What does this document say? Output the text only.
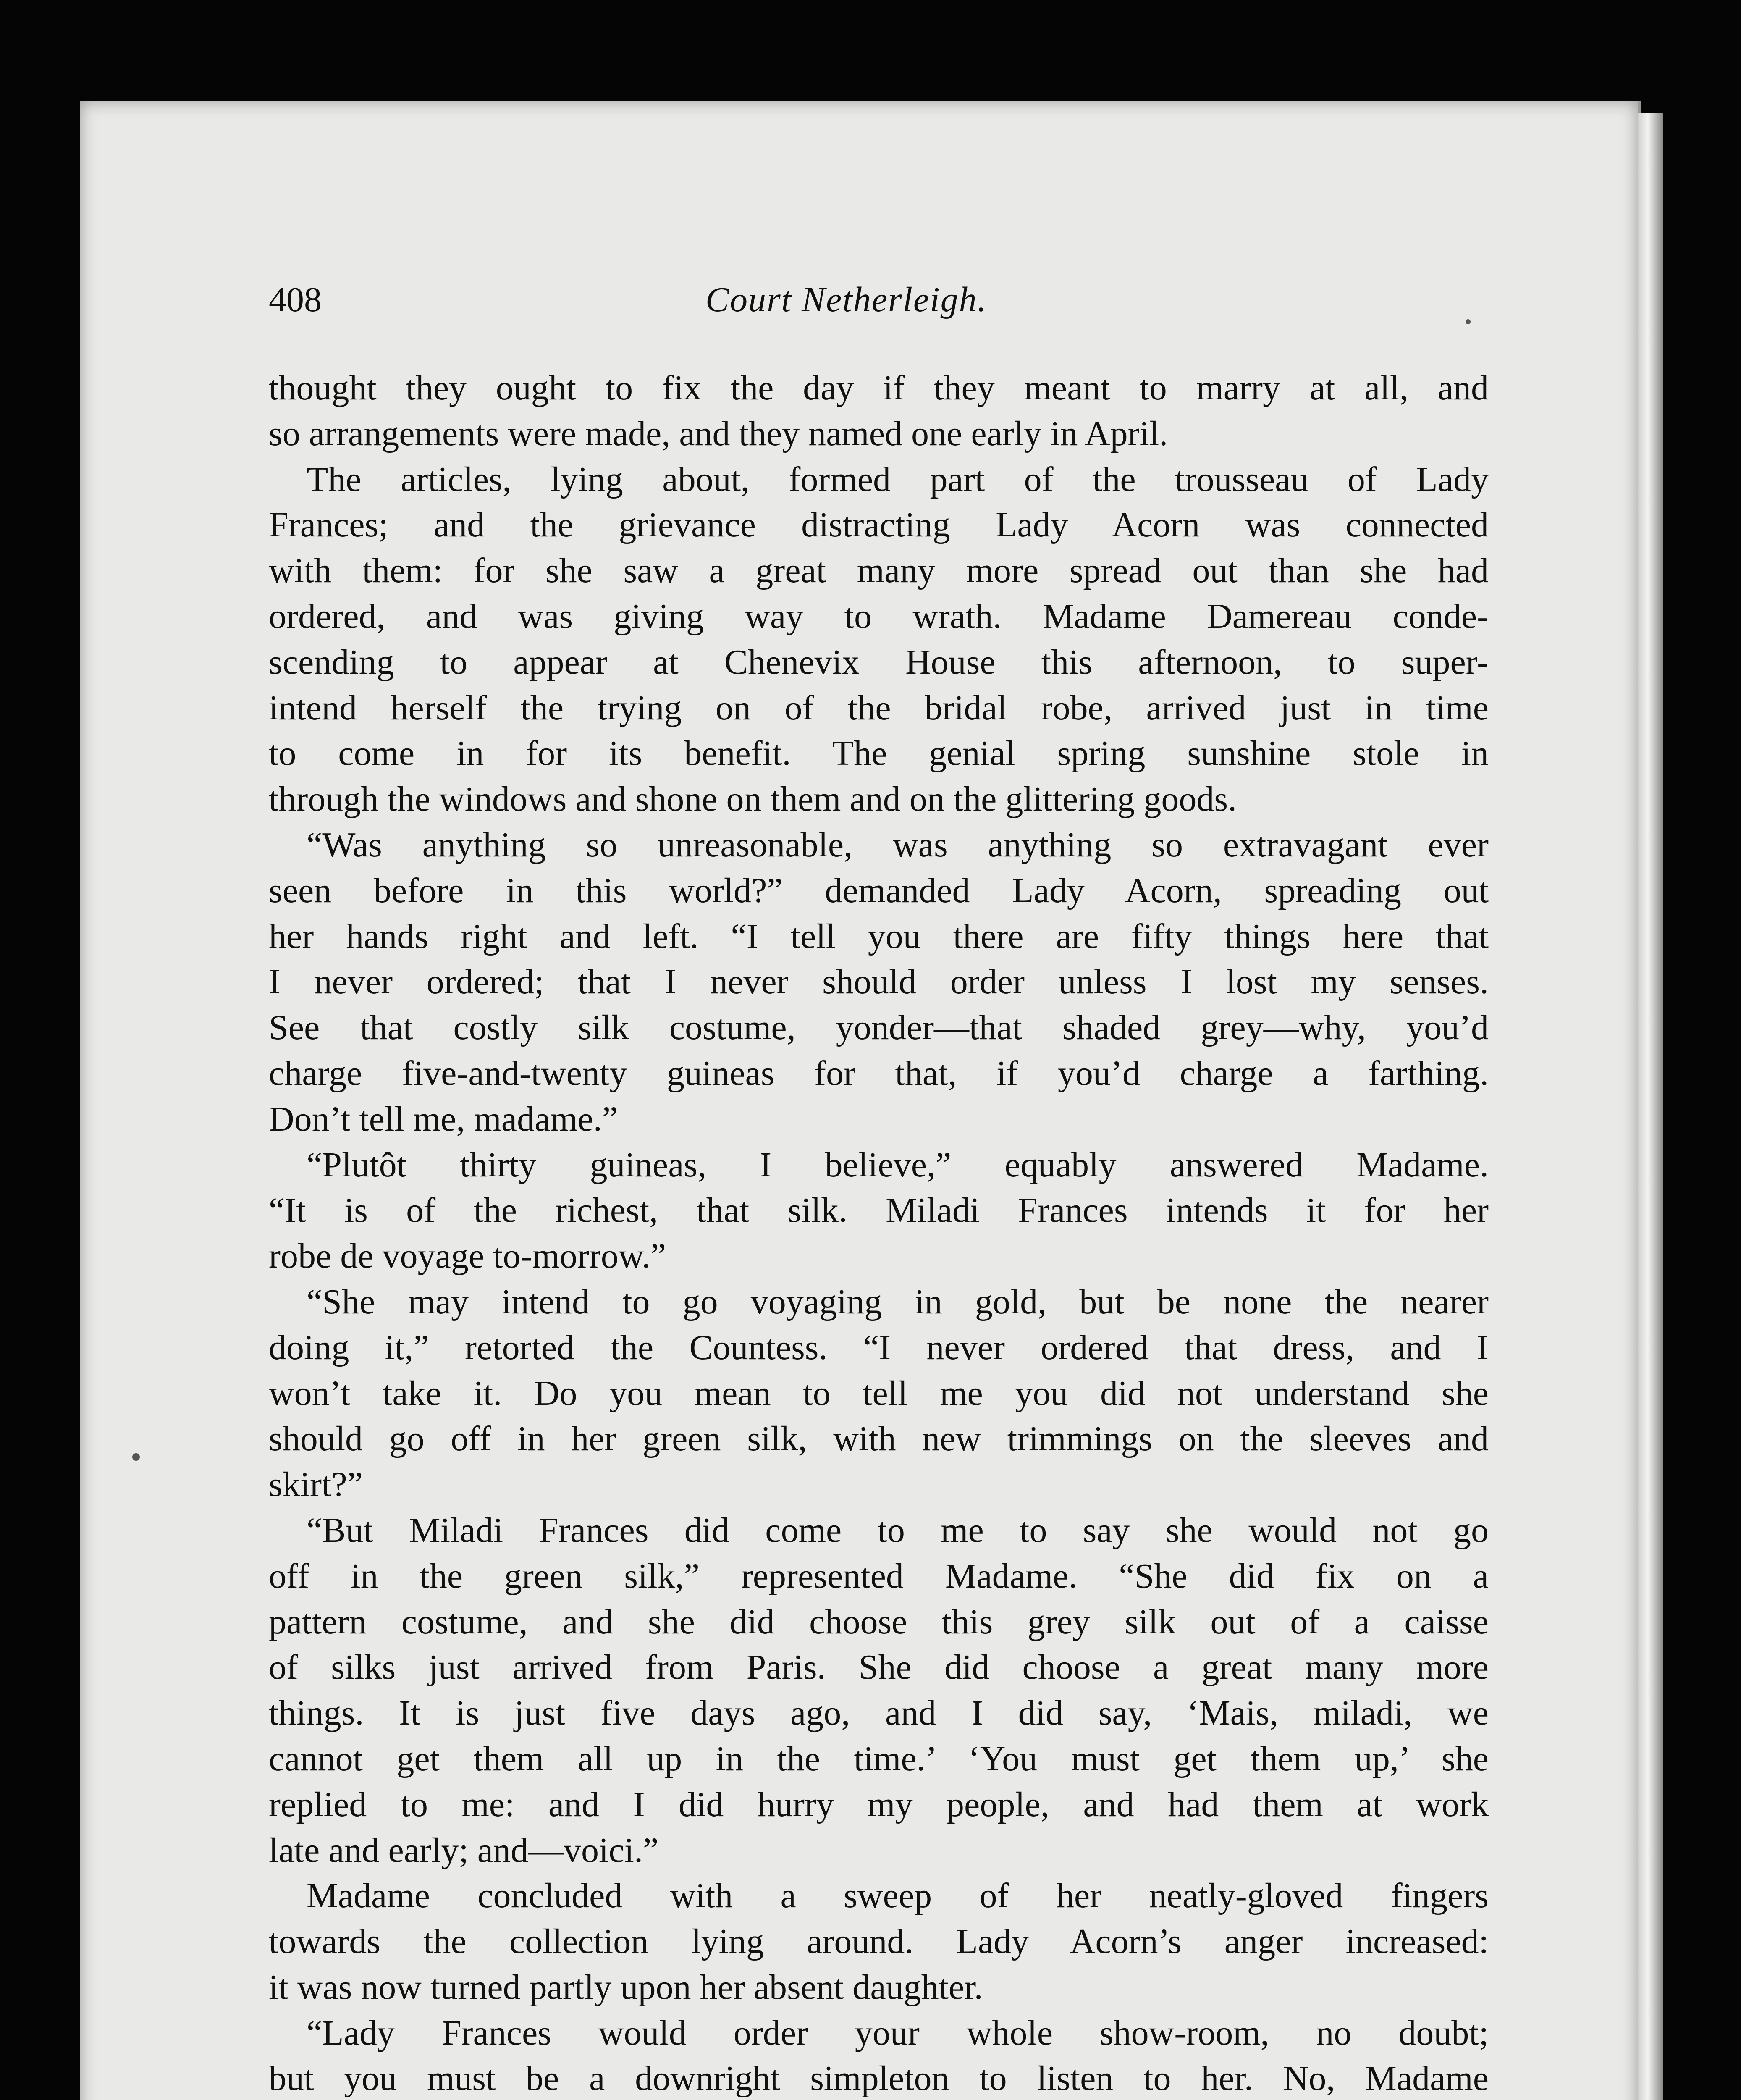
408	Court Netherleigh.
thought they ought to fix the day if they meant to marry at all, and
so arrangements were made, and they named one early in April.
The articles, lying about, formed part of the trousseau of Lady
Frances; and the grievance distracting Lady Acorn was connected
with them: for she saw a great many more spread out than she had
ordered, and was giving way to wrath. Madame Damereau conde-
scending to appear at Chenevix House this afternoon, to super-
intend herself the trying on of the bridal robe, arrived just in time
to come in for its benefit. The genial spring sunshine stole in
through the windows and shone on them and on the glittering goods.
“Was anything so unreasonable, was anything so extravagant ever
seen before in this world?” demanded Lady Acorn, spreading out
her hands right and left. “I tell you there are fifty things here that
I never ordered; that I never should order unless I lost my senses.
See that costly silk costume, yonder—that shaded grey—why, you’d
charge five-and-twenty guineas for that, if you’d charge a farthing.
Don’t tell me, madame.”
“Plutôt thirty guineas, I believe,” equably answered Madame.
“It is of the richest, that silk. Miladi Frances intends it for her
robe de voyage to-morrow.”
“She may intend to go voyaging in gold, but be none the nearer
doing it,” retorted the Countess. “I never ordered that dress, and I
won’t take it. Do you mean to tell me you did not understand she
should go off in her green silk, with new trimmings on the sleeves and
skirt?”
“But Miladi Frances did come to me to say she would not go
off in the green silk,” represented Madame. “She did fix on a
pattern costume, and she did choose this grey silk out of a caisse
of silks just arrived from Paris. She did choose a great many more
things. It is just five days ago, and I did say, ‘Mais, miladi, we
cannot get them all up in the time.’ ‘You must get them up,’ she
replied to me: and I did hurry my people, and had them at work
late and early; and—voici.”
Madame concluded with a sweep of her neatly-gloved fingers
towards the collection lying around. Lady Acorn’s anger increased:
it was now turned partly upon her absent daughter.
“Lady Frances would order your whole show-room, no doubt;
but you must be a downright simpleton to listen to her. No, Madame
